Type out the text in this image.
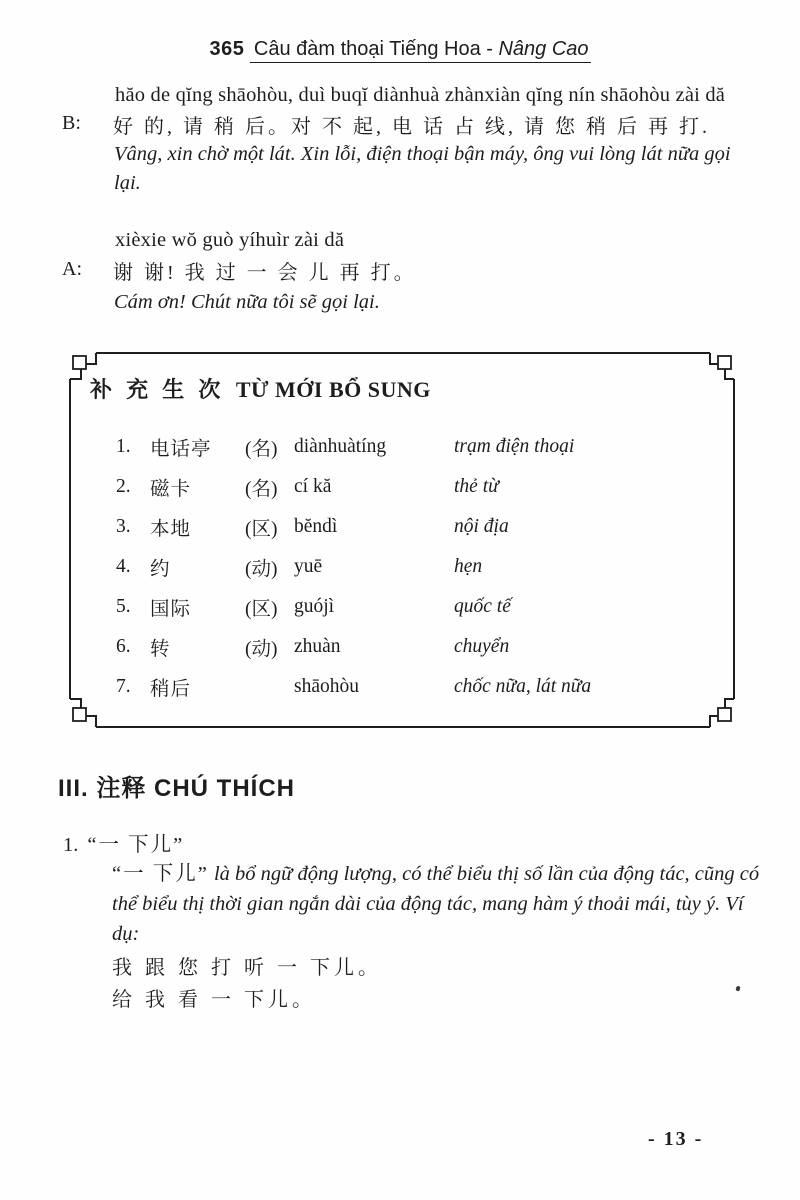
365 Câu đàm thoại Tiếng Hoa - Nâng Cao
hăo de qĭng shāohòu, duì buqĭ diànhuà zhànxiàn qĭng nín shāohòu zài dă
B: 好 的, 请 稍 后。对 不 起, 电 话 占 线, 请 您 稍 后 再 打.
Vâng, xin chờ một lát. Xin lỗi, điện thoại bận máy, ông vui lòng lát nữa gọi lại.
xièxie wŏ guò yíhuìr zài dă
A: 谢 谢! 我 过 一 会 儿 再 打。
Cám ơn! Chút nữa tôi sẽ gọi lại.
补 充 生 次 TỪ MỚI BỔ SUNG
1. 电话亭	(名) diànhuàtíng	trạm điện thoại
2. 磁卡	(名) cí kă	thẻ từ
3. 本地	(区) bĕndì	nội địa
4. 约	(动) yuē	hẹn
5. 国际	(区) guójì	quốc tế
6. 转	(动) zhuàn	chuyển
7. 稍后	shāohòu	chốc nữa, lát nữa
III. 注释 CHÚ THÍCH
1. “一 下儿”
“一 下儿” là bổ ngữ động lượng, có thể biểu thị số lần của động tác, cũng có thể biểu thị thời gian ngắn dài của động tác, mang hàm ý thoải mái, tùy ý. Ví dụ:
我 跟 您 打 听 一 下儿。
给 我 看 一 下儿。
- 13 -
